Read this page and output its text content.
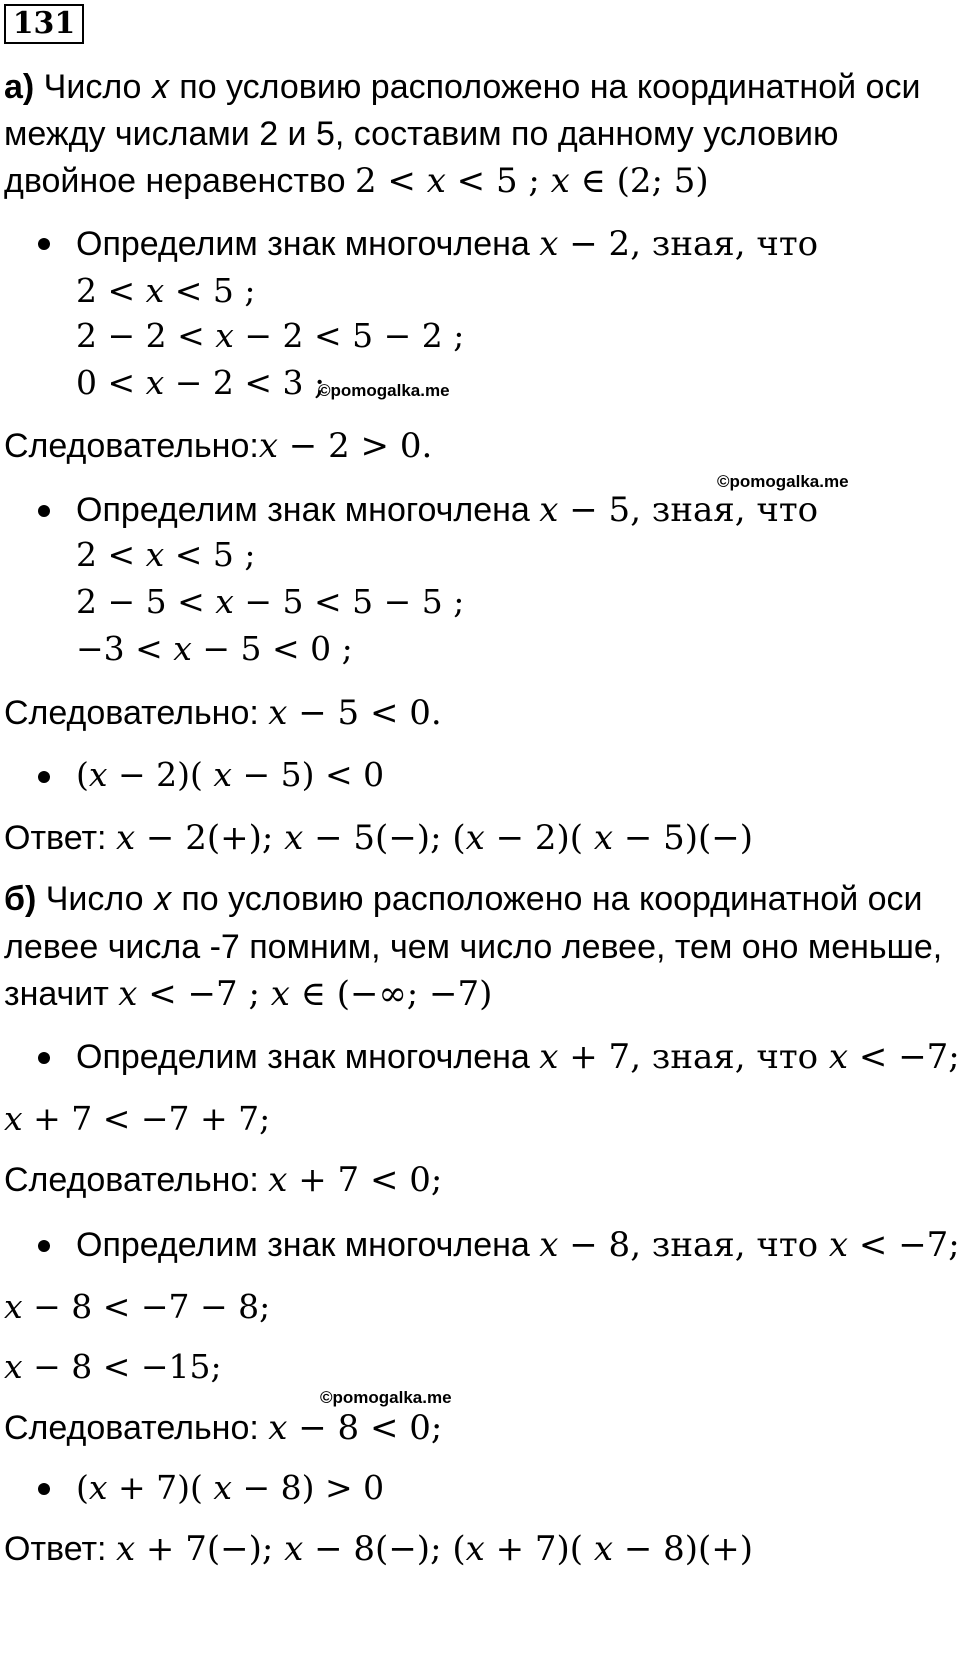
131
а) Число 𝑥 по условию расположено на координатной оси
между числами 2 и 5, составим по данному условию
двойное неравенство 2 < 𝑥 < 5 ; 𝑥 ∈ (2; 5)
Определим знак многочлена 𝑥 − 2, зная, что
2 < 𝑥 < 5 ;
2 − 2 < 𝑥 − 2 < 5 − 2 ;
0 < 𝑥 − 2 < 3 ;
©pomogalka.me
Следовательно:𝑥 − 2 > 0.
©pomogalka.me
Определим знак многочлена 𝑥 − 5, зная, что
2 < 𝑥 < 5 ;
2 − 5 < 𝑥 − 5 < 5 − 5 ;
−3 < 𝑥 − 5 < 0 ;
Следовательно: 𝑥 − 5 < 0.
(𝑥 − 2)( 𝑥 − 5) < 0
Ответ: 𝑥 − 2(+); 𝑥 − 5(−); (𝑥 − 2)( 𝑥 − 5)(−)
б) Число 𝑥 по условию расположено на координатной оси
левее числа -7 помним, чем число левее, тем оно меньше,
значит 𝑥 < −7 ; 𝑥 ∈ (−∞; −7)
Определим знак многочлена 𝑥 + 7, зная, что 𝑥 < −7;
𝑥 + 7 < −7 + 7;
Следовательно: 𝑥 + 7 < 0;
Определим знак многочлена 𝑥 − 8, зная, что 𝑥 < −7;
𝑥 − 8 < −7 − 8;
𝑥 − 8 < −15;
©pomogalka.me
Следовательно: 𝑥 − 8 < 0;
(𝑥 + 7)( 𝑥 − 8) > 0
Ответ: 𝑥 + 7(−); 𝑥 − 8(−); (𝑥 + 7)( 𝑥 − 8)(+)
